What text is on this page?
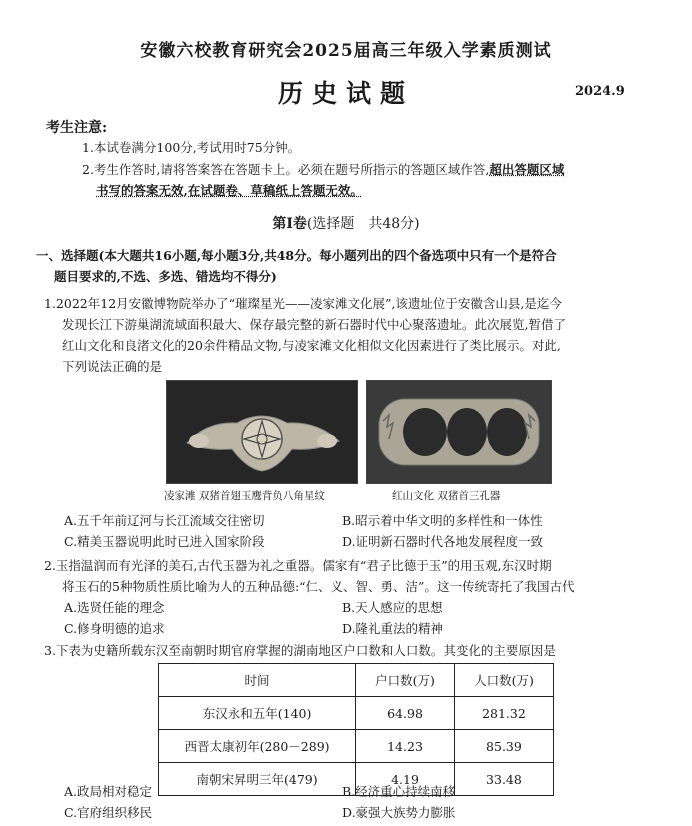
安徽六校教育研究会2025届高三年级入学素质测试
历史试题	2024.9
考生注意:
1.本试卷满分100分,考试用时75分钟。
2.考生作答时,请将答案答在答题卡上。必须在题号所指示的答题区域作答,超出答题区域
书写的答案无效,在试题卷、草稿纸上答题无效。
第Ⅰ卷(选择题　共48分)
一、选择题(本大题共16小题,每小题3分,共48分。每小题列出的四个备选项中只有一个是符合
题目要求的,不选、多选、错选均不得分)
1.2022年12月安徽博物院举办了“璀璨星光——凌家滩文化展”,该遗址位于安徽含山县,是迄今
发现长江下游巢湖流域面积最大、保存最完整的新石器时代中心聚落遗址。此次展览,暂借了
红山文化和良渚文化的20余件精品文物,与凌家滩文化相似文化因素进行了类比展示。对此,
下列说法正确的是
凌家滩 双猪首翅玉鹰背负八角星纹	红山文化 双猪首三孔器
A.五千年前辽河与长江流域交往密切	B.昭示着中华文明的多样性和一体性
C.精美玉器说明此时已进入国家阶段	D.证明新石器时代各地发展程度一致
2.玉指温润而有光泽的美石,古代玉器为礼之重器。儒家有“君子比德于玉”的用玉观,东汉时期
将玉石的5种物质性质比喻为人的五种品德:“仁、义、智、勇、洁”。这一传统寄托了我国古代
A.选贤任能的理念	B.天人感应的思想
C.修身明德的追求	D.隆礼重法的精神
3.下表为史籍所载东汉至南朝时期官府掌握的湖南地区户口数和人口数。其变化的主要原因是
时间	户口数(万)	人口数(万)
东汉永和五年(140)	64.98	281.32
西晋太康初年(280－289)	14.23	85.39
南朝宋昇明三年(479)	4.19	33.48
A.政局相对稳定	B.经济重心持续南移
C.官府组织移民	D.豪强大族势力膨胀
